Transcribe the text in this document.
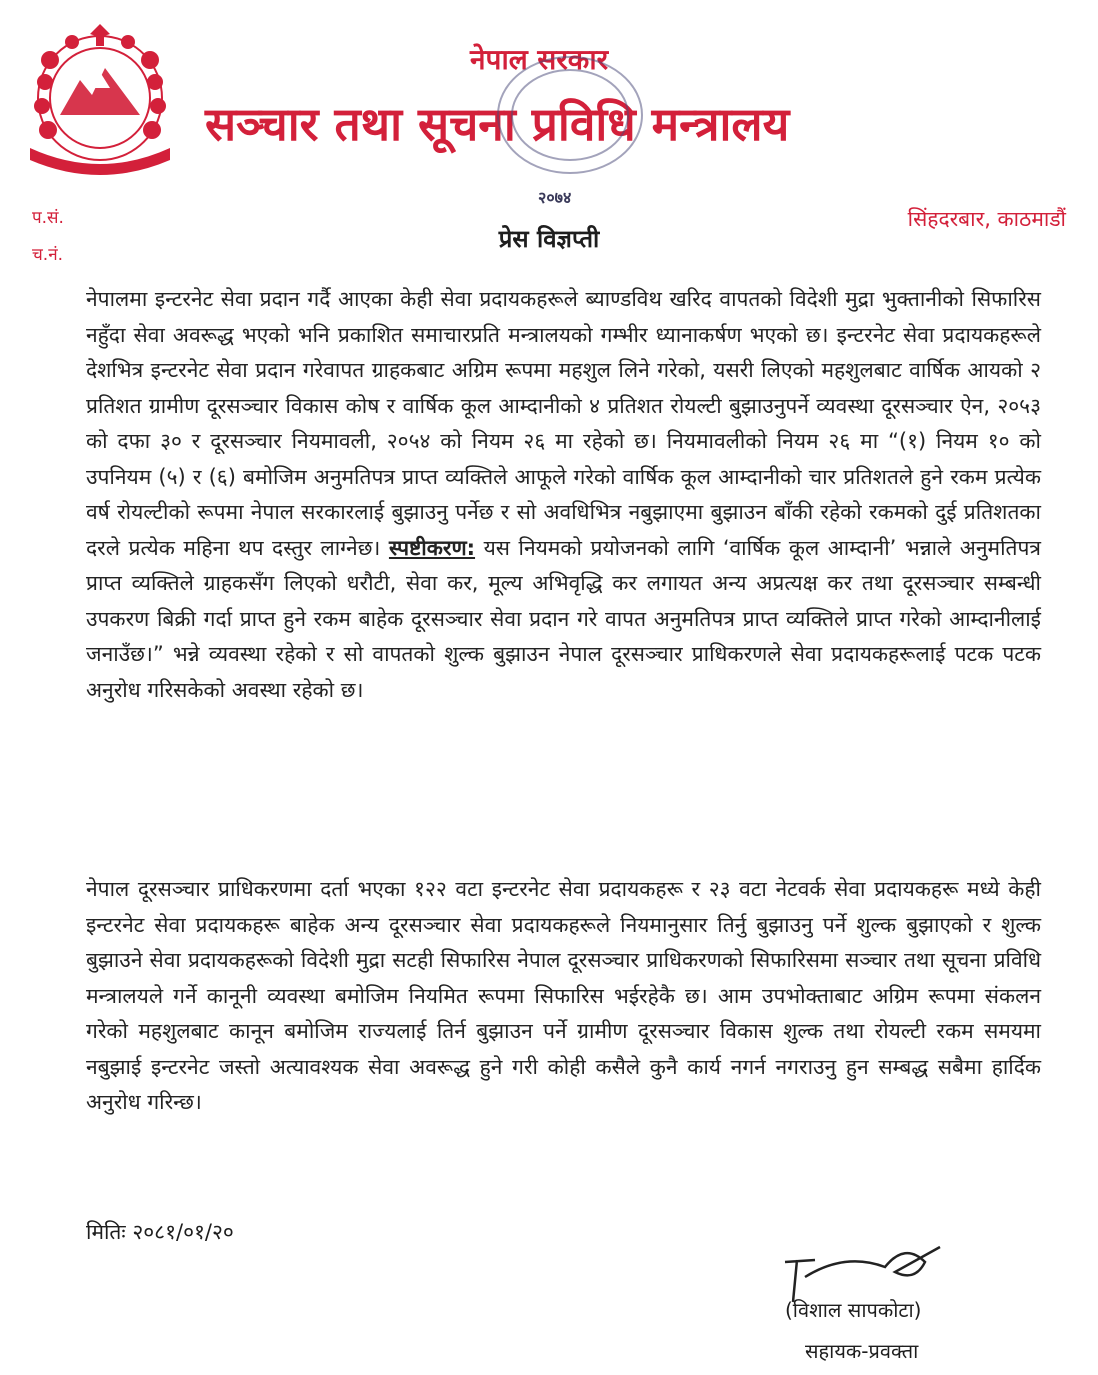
नेपाल सरकार
सञ्चार तथा सूचना प्रविधि मन्त्रालय
२०७४
प.सं.
च.नं.
सिंहदरबार, काठमाडौं
प्रेस विज्ञप्ती
नेपालमा इन्टरनेट सेवा प्रदान गर्दै आएका केही सेवा प्रदायकहरूले ब्याण्डविथ खरिद वापतको विदेशी मुद्रा भुक्तानीको सिफारिस नहुँदा सेवा अवरूद्ध भएको भनि प्रकाशित समाचारप्रति मन्त्रालयको गम्भीर ध्यानाकर्षण भएको छ। इन्टरनेट सेवा प्रदायकहरूले देशभित्र इन्टरनेट सेवा प्रदान गरेवापत ग्राहकबाट अग्रिम रूपमा महशुल लिने गरेको, यसरी लिएको महशुलबाट वार्षिक आयको २ प्रतिशत ग्रामीण दूरसञ्चार विकास कोष र वार्षिक कूल आम्दानीको ४ प्रतिशत रोयल्टी बुझाउनुपर्ने व्यवस्था दूरसञ्चार ऐन, २०५३ को दफा ३० र दूरसञ्चार नियमावली, २०५४ को नियम २६ मा रहेको छ। नियमावलीको नियम २६ मा “(१) नियम १० को उपनियम (५) र (६) बमोजिम अनुमतिपत्र प्राप्त व्यक्तिले आफूले गरेको वार्षिक कूल आम्दानीको चार प्रतिशतले हुने रकम प्रत्येक वर्ष रोयल्टीको रूपमा नेपाल सरकारलाई बुझाउनु पर्नेछ र सो अवधिभित्र नबुझाएमा बुझाउन बाँकी रहेको रकमको दुई प्रतिशतका दरले प्रत्येक महिना थप दस्तुर लाग्नेछ। स्पष्टीकरण: यस नियमको प्रयोजनको लागि ‘वार्षिक कूल आम्दानी’ भन्नाले अनुमतिपत्र प्राप्त व्यक्तिले ग्राहकसँग लिएको धरौटी, सेवा कर, मूल्य अभिवृद्धि कर लगायत अन्य अप्रत्यक्ष कर तथा दूरसञ्चार सम्बन्धी उपकरण बिक्री गर्दा प्राप्त हुने रकम बाहेक दूरसञ्चार सेवा प्रदान गरे वापत अनुमतिपत्र प्राप्त व्यक्तिले प्राप्त गरेको आम्दानीलाई जनाउँछ।” भन्ने व्यवस्था रहेको र सो वापतको शुल्क बुझाउन नेपाल दूरसञ्चार प्राधिकरणले सेवा प्रदायकहरूलाई पटक पटक अनुरोध गरिसकेको अवस्था रहेको छ।
नेपाल दूरसञ्चार प्राधिकरणमा दर्ता भएका १२२ वटा इन्टरनेट सेवा प्रदायकहरू र २३ वटा नेटवर्क सेवा प्रदायकहरू मध्ये केही इन्टरनेट सेवा प्रदायकहरू बाहेक अन्य दूरसञ्चार सेवा प्रदायकहरूले नियमानुसार तिर्नु बुझाउनु पर्ने शुल्क बुझाएको र शुल्क बुझाउने सेवा प्रदायकहरूको विदेशी मुद्रा सटही सिफारिस नेपाल दूरसञ्चार प्राधिकरणको सिफारिसमा सञ्चार तथा सूचना प्रविधि मन्त्रालयले गर्ने कानूनी व्यवस्था बमोजिम नियमित रूपमा सिफारिस भईरहेकै छ। आम उपभोक्ताबाट अग्रिम रूपमा संकलन गरेको महशुलबाट कानून बमोजिम राज्यलाई तिर्न बुझाउन पर्ने ग्रामीण दूरसञ्चार विकास शुल्क तथा रोयल्टी रकम समयमा नबुझाई इन्टरनेट जस्तो अत्यावश्यक सेवा अवरूद्ध हुने गरी कोही कसैले कुनै कार्य नगर्न नगराउनु हुन सम्बद्ध सबैमा हार्दिक अनुरोध गरिन्छ।
मितिः २०८१/०१/२०
(विशाल सापकोटा)
सहायक-प्रवक्ता
